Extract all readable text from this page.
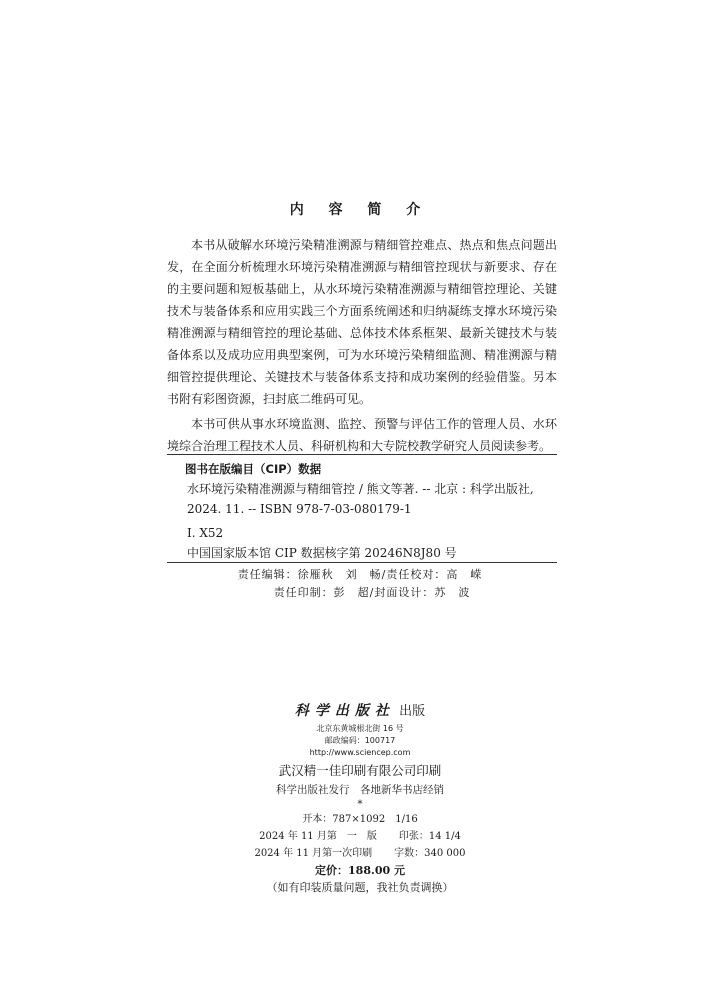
内 容 简 介

本书从破解水环境污染精准溯源与精细管控难点、热点和焦点问题出发，在全面分析梳理水环境污染精准溯源与精细管控现状与新要求、存在的主要问题和短板基础上，从水环境污染精准溯源与精细管控理论、关键技术与装备体系和应用实践三个方面系统阐述和归纳凝练支撑水环境污染精准溯源与精细管控的理论基础、总体技术体系框架、最新关键技术与装备体系以及成功应用典型案例，可为水环境污染精细监测、精准溯源与精细管控提供理论、关键技术与装备体系支持和成功案例的经验借鉴。另本书附有彩图资源，扫封底二维码可见。

本书可供从事水环境监测、监控、预警与评估工作的管理人员、水环境综合治理工程技术人员、科研机构和大专院校教学研究人员阅读参考。

图书在版编目（CIP）数据
水环境污染精准溯源与精细管控 / 熊文等著. -- 北京 : 科学出版社,
2024. 11. -- ISBN 978-7-03-080179-1
I. X52
中国国家版本馆 CIP 数据核字第 20246N8J80 号
责任编辑：徐雁秋　刘　畅/责任校对：高　嵘
责任印制：彭　超/封面设计：苏　波
科学出版社 出版
北京东黄城根北街 16 号
邮政编码：100717
http://www.sciencep.com
武汉精一佳印刷有限公司印刷
科学出版社发行　各地新华书店经销
*
开本：787×1092　1/16
2024 年 11 月第　一　版 印张：14 1/4
2024 年 11 月第一次印刷 字数：340 000
定价：188.00 元
（如有印装质量问题，我社负责调换）
